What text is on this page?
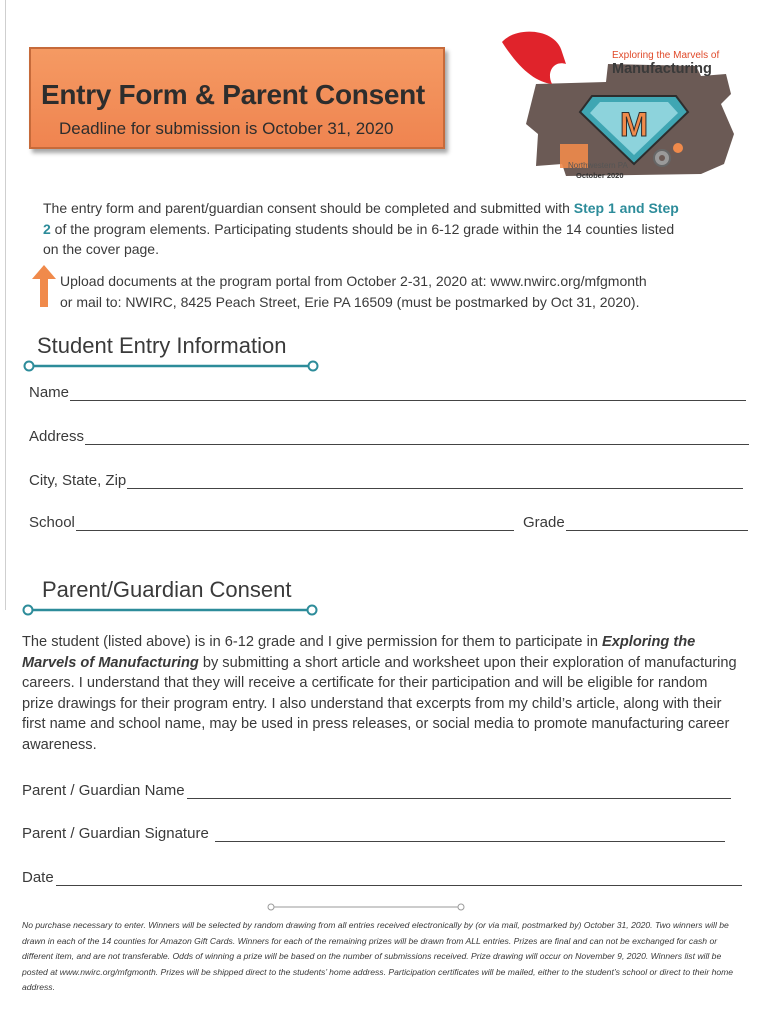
Entry Form & Parent Consent
Deadline for submission is October 31, 2020	M
Exploring the Marvels of
Manufacturing
Northwestern PA
October 2020
The entry form and parent/guardian consent should be completed and submitted with Step 1 and Step 2 of the program elements. Participating students should be in 6-12 grade within the 14 counties listed on the cover page.
Upload documents at the program portal from October 2-31, 2020 at: www.nwirc.org/mfgmonth
or mail to: NWIRC, 8425 Peach Street, Erie PA 16509 (must be postmarked by Oct 31, 2020).
Student Entry Information
Name
Address
City, State, Zip
School	Grade
Parent/Guardian Consent
The student (listed above) is in 6-12 grade and I give permission for them to participate in Exploring the Marvels of Manufacturing by submitting a short article and worksheet upon their exploration of manufacturing careers. I understand that they will receive a certificate for their participation and will be eligible for random prize drawings for their program entry. I also understand that excerpts from my child’s article, along with their first name and school name, may be used in press releases, or social media to promote manufacturing career awareness.
Parent / Guardian Name
Parent / Guardian Signature
Date
No purchase necessary to enter. Winners will be selected by random drawing from all entries received electronically by (or via mail, postmarked by) October 31, 2020. Two winners will be drawn in each of the 14 counties for Amazon Gift Cards. Winners for each of the remaining prizes will be drawn from ALL entries. Prizes are final and can not be exchanged for cash or different item, and are not transferable. Odds of winning a prize will be based on the number of submissions received. Prize drawing will occur on November 9, 2020. Winners list will be posted at www.nwirc.org/mfgmonth. Prizes will be shipped direct to the students’ home address. Participation certificates will be mailed, either to the student’s school or direct to their home address.
